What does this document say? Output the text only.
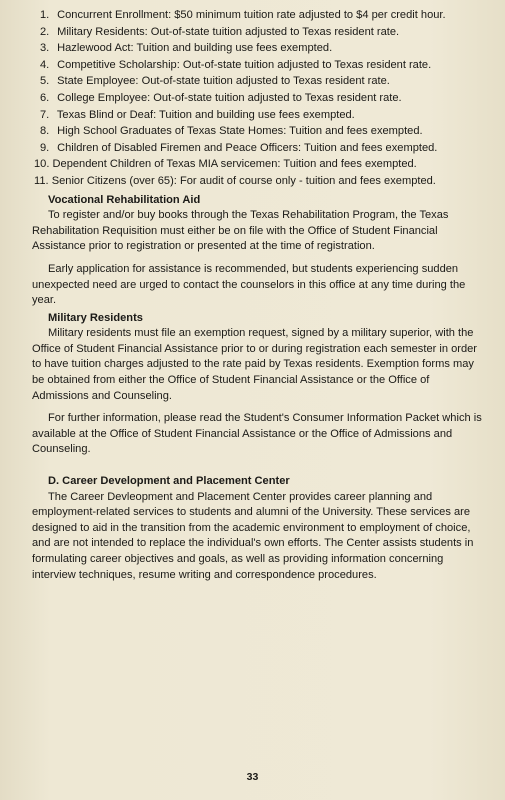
1. Concurrent Enrollment: $50 minimum tuition rate adjusted to $4 per credit hour.
2. Military Residents: Out-of-state tuition adjusted to Texas resident rate.
3. Hazlewood Act: Tuition and building use fees exempted.
4. Competitive Scholarship: Out-of-state tuition adjusted to Texas resident rate.
5. State Employee: Out-of-state tuition adjusted to Texas resident rate.
6. College Employee: Out-of-state tuition adjusted to Texas resident rate.
7. Texas Blind or Deaf: Tuition and building use fees exempted.
8. High School Graduates of Texas State Homes: Tuition and fees exempted.
9. Children of Disabled Firemen and Peace Officers: Tuition and fees exempted.
10. Dependent Children of Texas MIA servicemen: Tuition and fees exempted.
11. Senior Citizens (over 65): For audit of course only - tuition and fees exempted.
Vocational Rehabilitation Aid

To register and/or buy books through the Texas Rehabilitation Program, the Texas Rehabilitation Requisition must either be on file with the Office of Student Financial Assistance prior to registration or presented at the time of registration.

Early application for assistance is recommended, but students experiencing sudden unexpected need are urged to contact the counselors in this office at any time during the year.

Military Residents

Military residents must file an exemption request, signed by a military superior, with the Office of Student Financial Assistance prior to or during registration each semester in order to have tuition charges adjusted to the rate paid by Texas residents. Exemption forms may be obtained from either the Office of Student Financial Assistance or the Office of Admissions and Counseling.

For further information, please read the Student's Consumer Information Packet which is available at the Office of Student Financial Assistance or the Office of Admissions and Counseling.

D. Career Development and Placement Center

The Career Devleopment and Placement Center provides career planning and employment-related services to students and alumni of the University. These services are designed to aid in the transition from the academic environment to employment of choice, and are not intended to replace the individual's own efforts. The Center assists students in formulating career objectives and goals, as well as providing information concerning interview techniques, resume writing and correspondence procedures.

33
